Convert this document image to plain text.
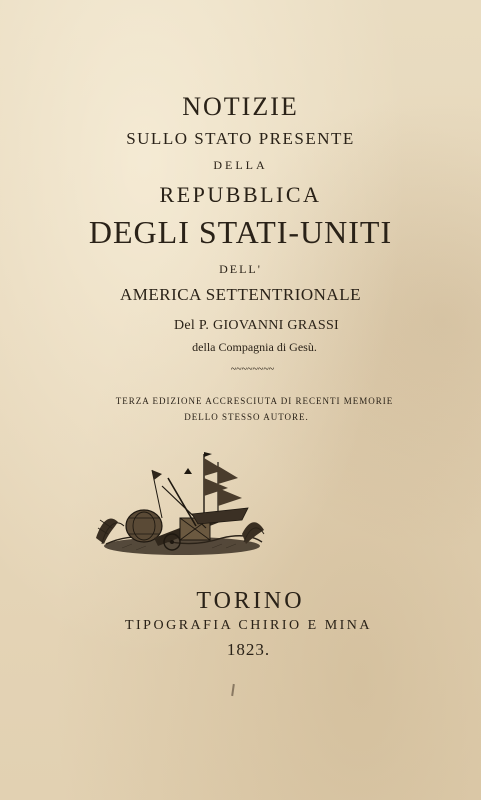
NOTIZIE
SULLO STATO PRESENTE
DELLA
REPUBBLICA
DEGLI STATI-UNITI
DELL'
AMERICA SETTENTRIONALE
Del P. GIOVANNI GRASSI
della Compagnia di Gesù.
~~~~~~~~
TERZA EDIZIONE ACCRESCIUTA DI RECENTI MEMORIE
DELLO STESSO AUTORE.
TORINO
TIPOGRAFIA CHIRIO E MINA
1823.
